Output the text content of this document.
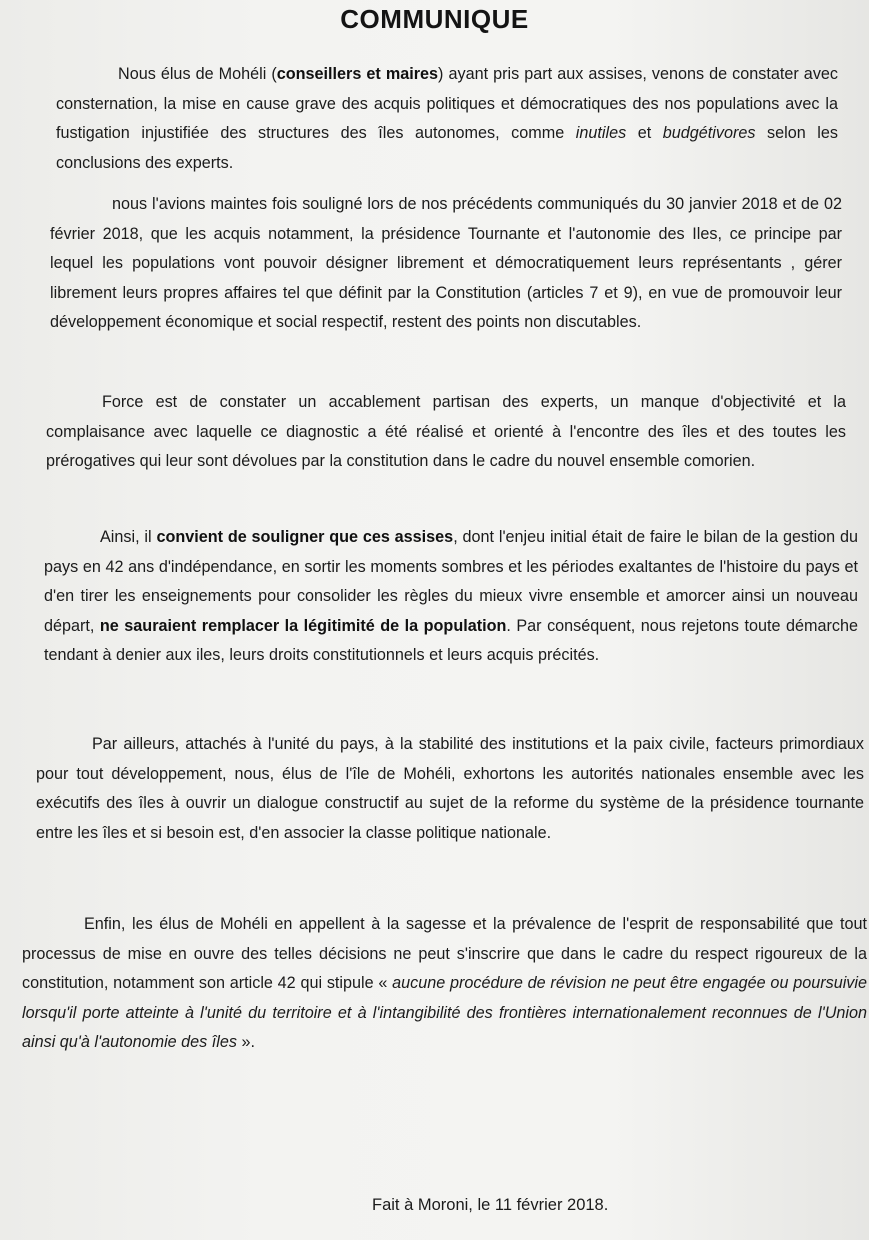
COMMUNIQUE

Nous élus de Mohéli (conseillers et maires) ayant pris part aux assises, venons de constater avec consternation, la mise en cause grave des acquis politiques et démocratiques des nos populations avec la fustigation injustifiée des structures des îles autonomes, comme inutiles et budgétivores selon les conclusions des experts.

nous l'avions maintes fois souligné lors de nos précédents communiqués du 30 janvier 2018 et de 02 février 2018, que les acquis notamment, la présidence Tournante et l'autonomie des Iles, ce principe par lequel les populations vont pouvoir désigner librement et démocratiquement leurs représentants , gérer librement leurs propres affaires tel que définit par la Constitution (articles 7 et 9), en vue de promouvoir leur développement économique et social respectif, restent des points non discutables.

Force est de constater un accablement partisan des experts, un manque d'objectivité et la complaisance avec laquelle ce diagnostic a été réalisé et orienté à l'encontre des îles et des toutes les prérogatives qui leur sont dévolues par la constitution dans le cadre du nouvel ensemble comorien.

Ainsi, il convient de souligner que ces assises, dont l'enjeu initial était de faire le bilan de la gestion du pays en 42 ans d'indépendance, en sortir les moments sombres et les périodes exaltantes de l'histoire du pays et d'en tirer les enseignements pour consolider les règles du mieux vivre ensemble et amorcer ainsi un nouveau départ, ne sauraient remplacer la légitimité de la population. Par conséquent, nous rejetons toute démarche tendant à denier aux iles, leurs droits constitutionnels et leurs acquis précités.

Par ailleurs, attachés à l'unité du pays, à la stabilité des institutions et la paix civile, facteurs primordiaux pour tout développement, nous, élus de l'île de Mohéli, exhortons les autorités nationales ensemble avec les exécutifs des îles à ouvrir un dialogue constructif au sujet de la reforme du système de la présidence tournante entre les îles et si besoin est, d'en associer la classe politique nationale.

Enfin, les élus de Mohéli en appellent à la sagesse et la prévalence de l'esprit de responsabilité que tout processus de mise en ouvre des telles décisions ne peut s'inscrire que dans le cadre du respect rigoureux de la constitution, notamment son article 42 qui stipule « aucune procédure de révision ne peut être engagée ou poursuivie lorsqu'il porte atteinte à l'unité du territoire et à l'intangibilité des frontières internationalement reconnues de l'Union ainsi qu'à l'autonomie des îles ».

Fait à Moroni, le 11 février 2018.
